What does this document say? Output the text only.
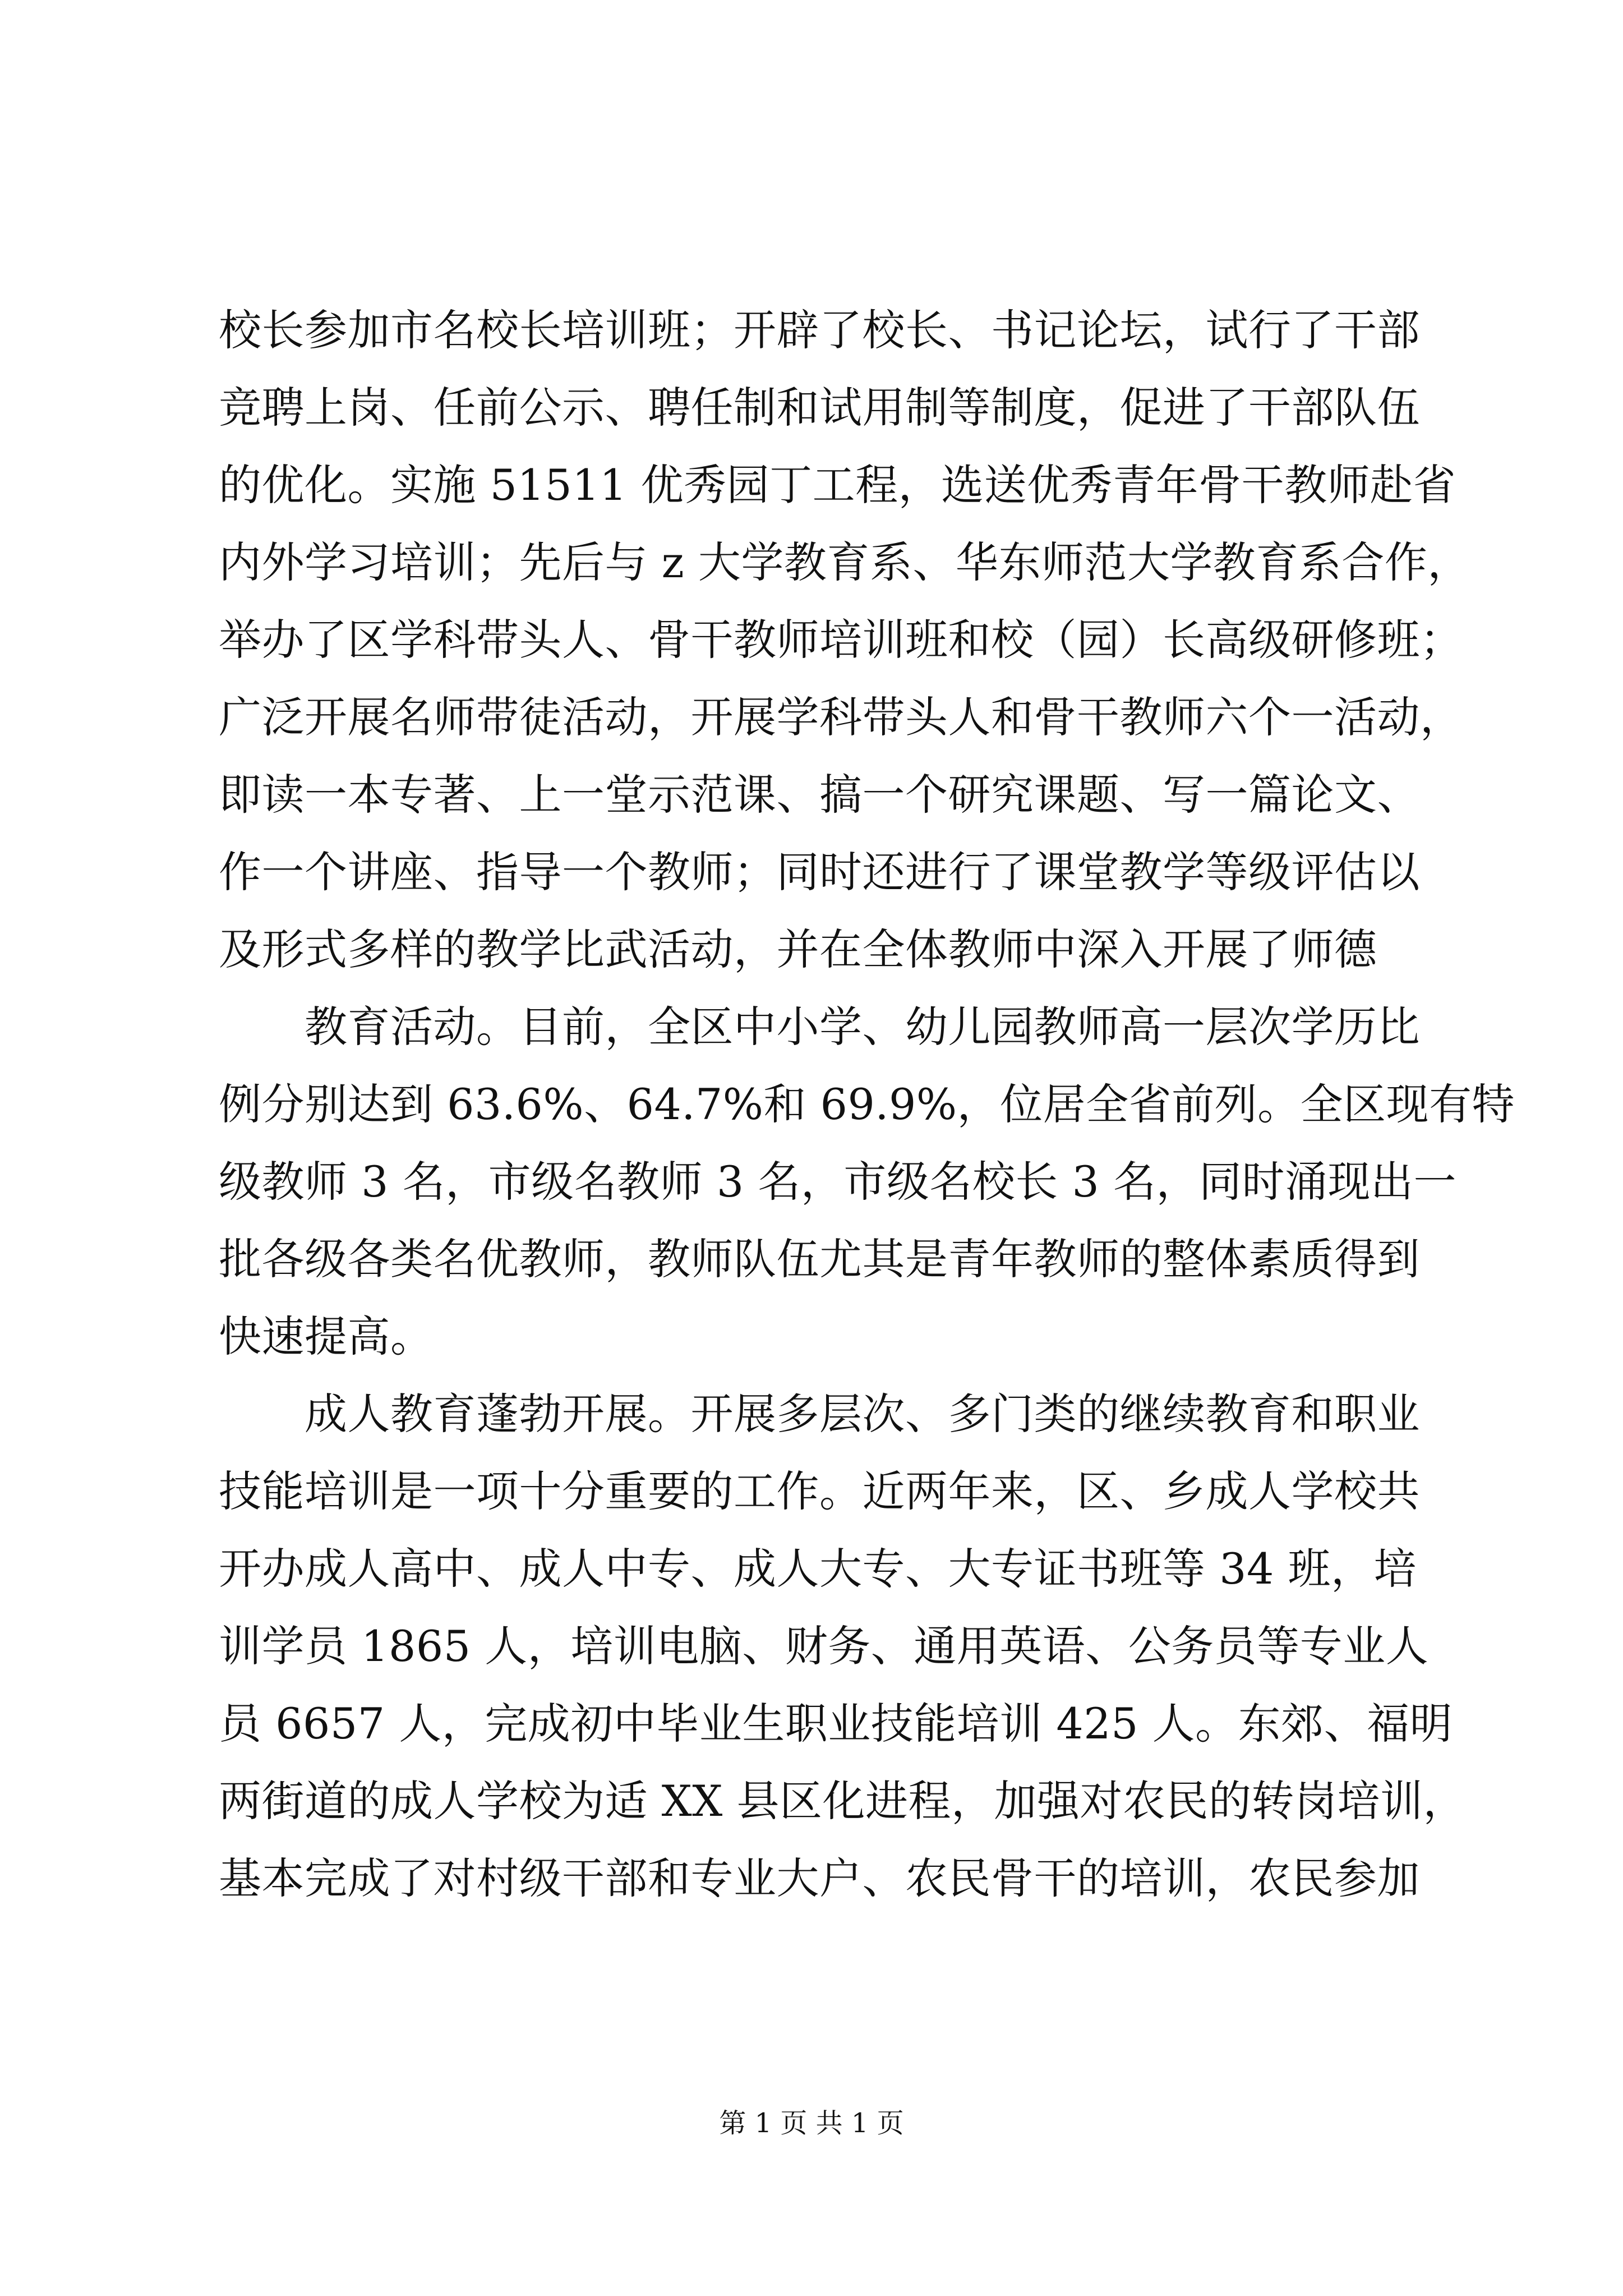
校长参加市名校长培训班；开辟了校长、书记论坛，试行了干部
竞聘上岗、任前公示、聘任制和试用制等制度，促进了干部队伍
的优化。实施 51511 优秀园丁工程，选送优秀青年骨干教师赴省
内外学习培训；先后与 z 大学教育系、华东师范大学教育系合作，
举办了区学科带头人、骨干教师培训班和校（园）长高级研修班；
广泛开展名师带徒活动，开展学科带头人和骨干教师六个一活动，
即读一本专著、上一堂示范课、搞一个研究课题、写一篇论文、
作一个讲座、指导一个教师；同时还进行了课堂教学等级评估以
及形式多样的教学比武活动，并在全体教师中深入开展了师德
　　教育活动。目前，全区中小学、幼儿园教师高一层次学历比
例分别达到 63.6%、64.7%和 69.9%，位居全省前列。全区现有特
级教师 3 名，市级名教师 3 名，市级名校长 3 名，同时涌现出一
批各级各类名优教师，教师队伍尤其是青年教师的整体素质得到
快速提高。
　　成人教育蓬勃开展。开展多层次、多门类的继续教育和职业
技能培训是一项十分重要的工作。近两年来，区、乡成人学校共
开办成人高中、成人中专、成人大专、大专证书班等 34 班，培
训学员 1865 人，培训电脑、财务、通用英语、公务员等专业人
员 6657 人，完成初中毕业生职业技能培训 425 人。东郊、福明
两街道的成人学校为适 XX 县区化进程，加强对农民的转岗培训，
基本完成了对村级干部和专业大户、农民骨干的培训，农民参加
第 1 页 共 1 页
